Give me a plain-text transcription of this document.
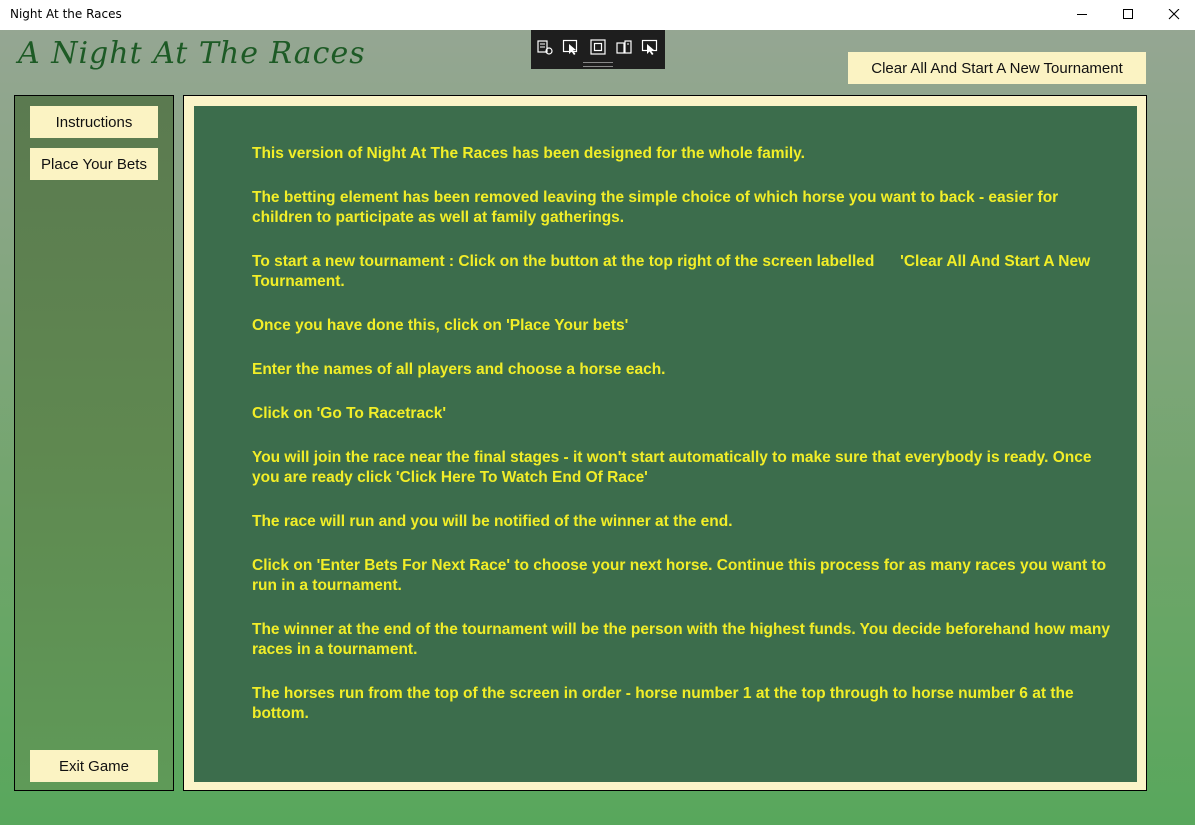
Night At the Races
A Night At The Races	Clear All And Start A New Tournament
Instructions
Place Your Bets
Exit Game

This version of Night At The Races has been designed for the whole family.

The betting element has been removed leaving the simple choice of which horse you want to back - easier for children to participate as well at family gatherings.

To start a new tournament : Click on the button at the top right of the screen labelled      'Clear All And Start A New Tournament.

Once you have done this, click on 'Place Your bets'

Enter the names of all players and choose a horse each.

Click on 'Go To Racetrack'

You will join the race near the final stages - it won't start automatically to make sure that everybody is ready. Once you are ready click 'Click Here To Watch End Of Race'

The race will run and you will be notified of the winner at the end.

Click on 'Enter Bets For Next Race' to choose your next horse. Continue this process for as many races you want to run in a tournament.

The winner at the end of the tournament will be the person with the highest funds. You decide beforehand how many races in a tournament.

The horses run from the top of the screen in order - horse number 1 at the top through to horse number 6 at the bottom.
